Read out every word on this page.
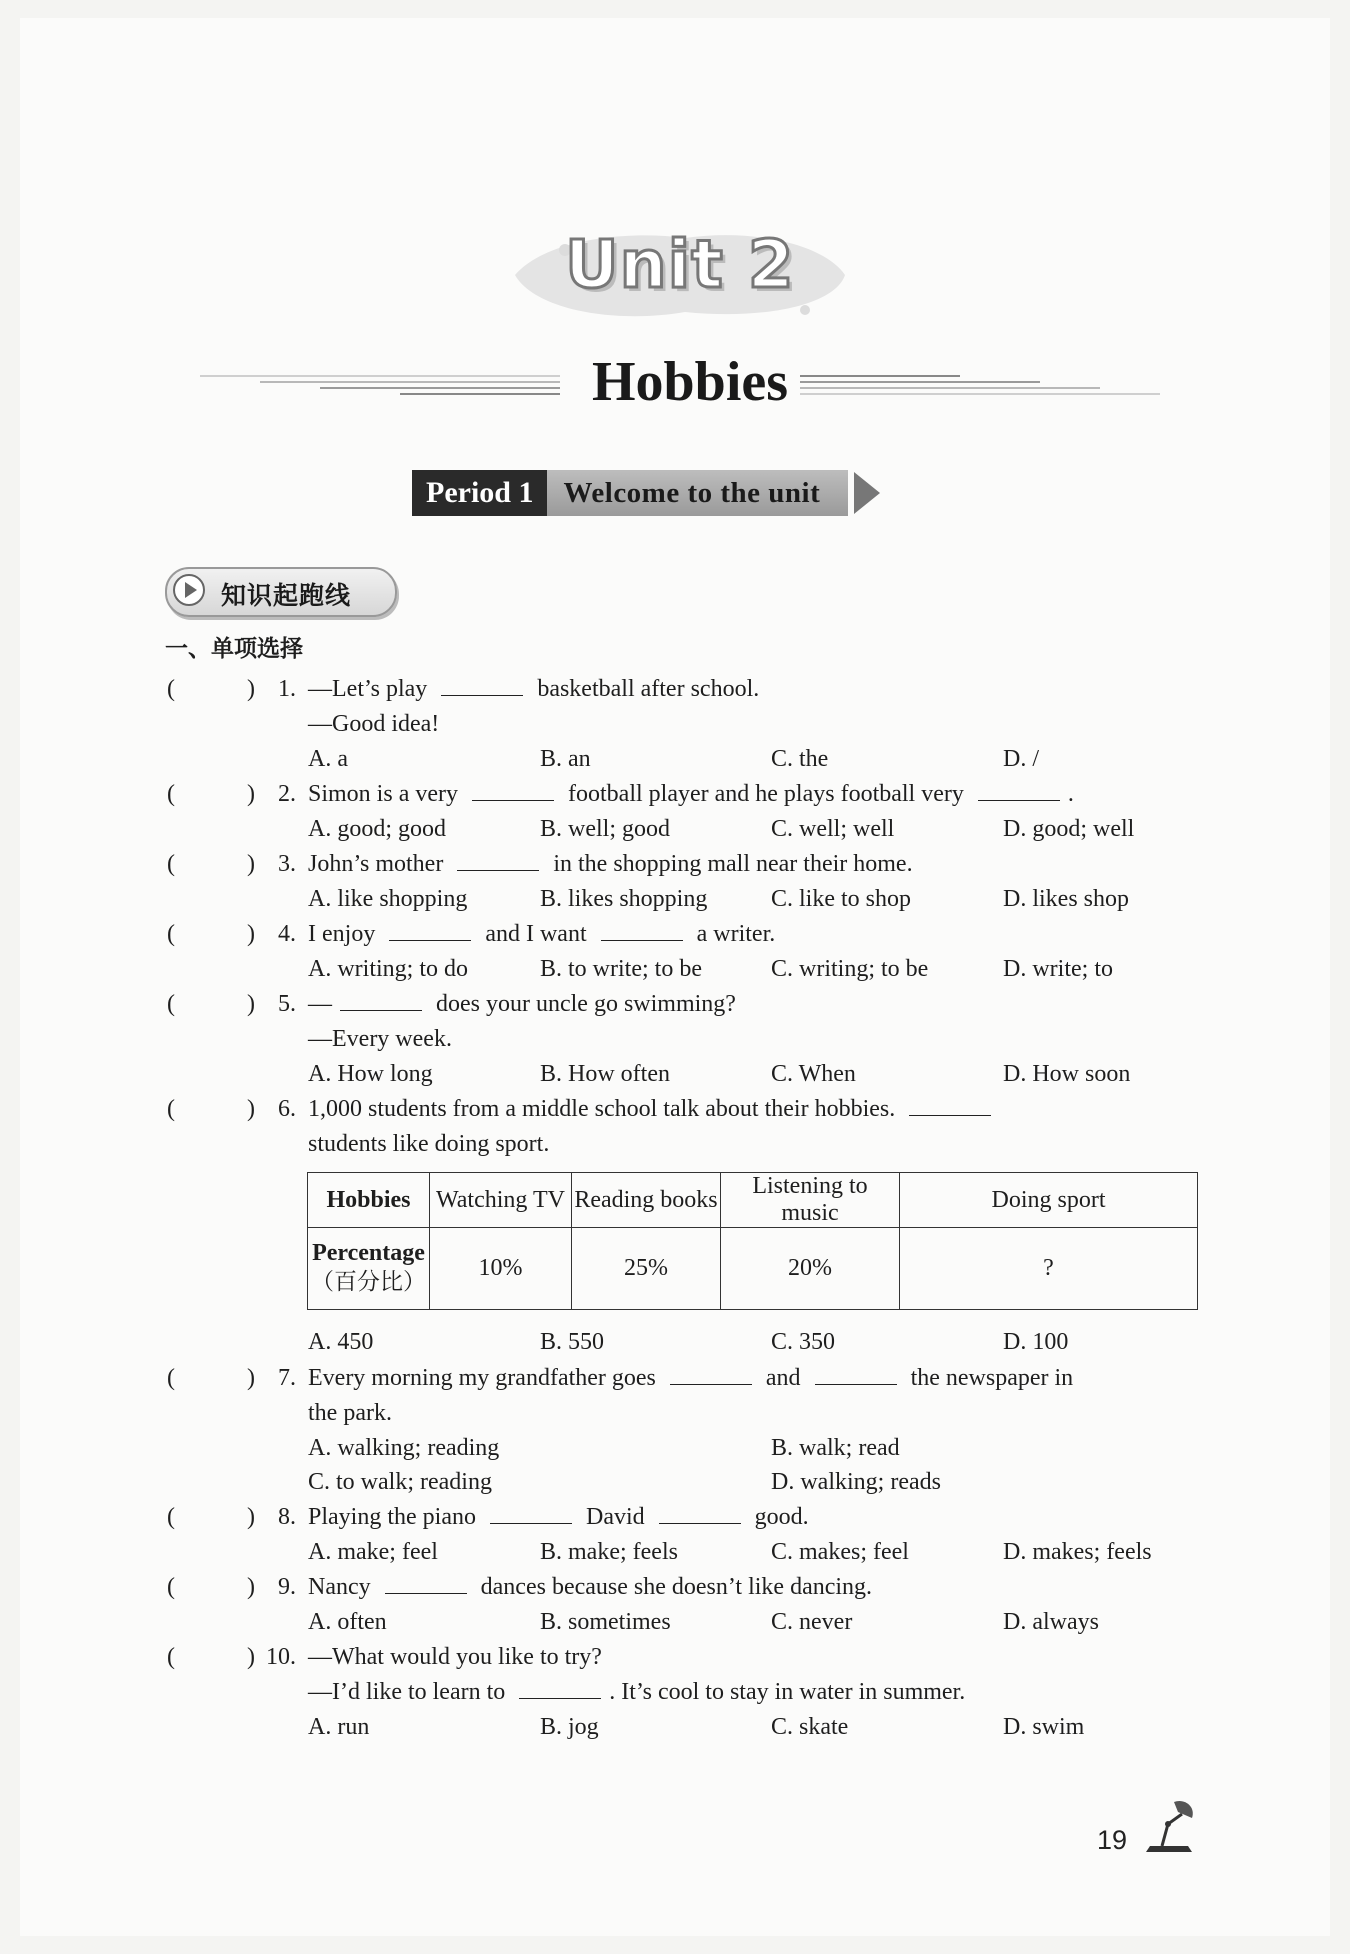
Unit 2
Hobbies
Period 1	Welcome to the unit
知识起跑线
一、单项选择
(	) 1. —Let’s play	basketball after school.
—Good idea!
A. a	B. an	C. the	D. /
(	) 2. Simon is a very	football player and he plays football very	.
A. good; good	B. well; good	C. well; well	D. good; well
(	) 3. John’s mother	in the shopping mall near their home.
A. like shopping	B. likes shopping	C. like to shop	D. likes shop
(	) 4. I enjoy	and I want	a writer.
A. writing; to do	B. to write; to be	C. writing; to be	D. write; to
(	) 5. —	does your uncle go swimming?
—Every week.
A. How long	B. How often	C. When	D. How soon
(	) 6. 1,000 students from a middle school talk about their hobbies.
students like doing sport.
A. 450	B. 550	C. 350	D. 100
(	) 7. Every morning my grandfather goes	and	the newspaper in
the park.
A. walking; reading	B. walk; read
C. to walk; reading	D. walking; reads
(	) 8. Playing the piano	David	good.
A. make; feel	B. make; feels	C. makes; feel	D. makes; feels
(	) 9. Nancy	dances because she doesn’t like dancing.
A. often	B. sometimes	C. never	D. always
(	) 10. —What would you like to try?
—I’d like to learn to	. It’s cool to stay in water in summer.
A. run	B. jog	C. skate	D. swim
Hobbies	Watching TV	Reading books	Listening to music	Doing sport
Percentage
（百分比）	10%	25%	20%	?
19
